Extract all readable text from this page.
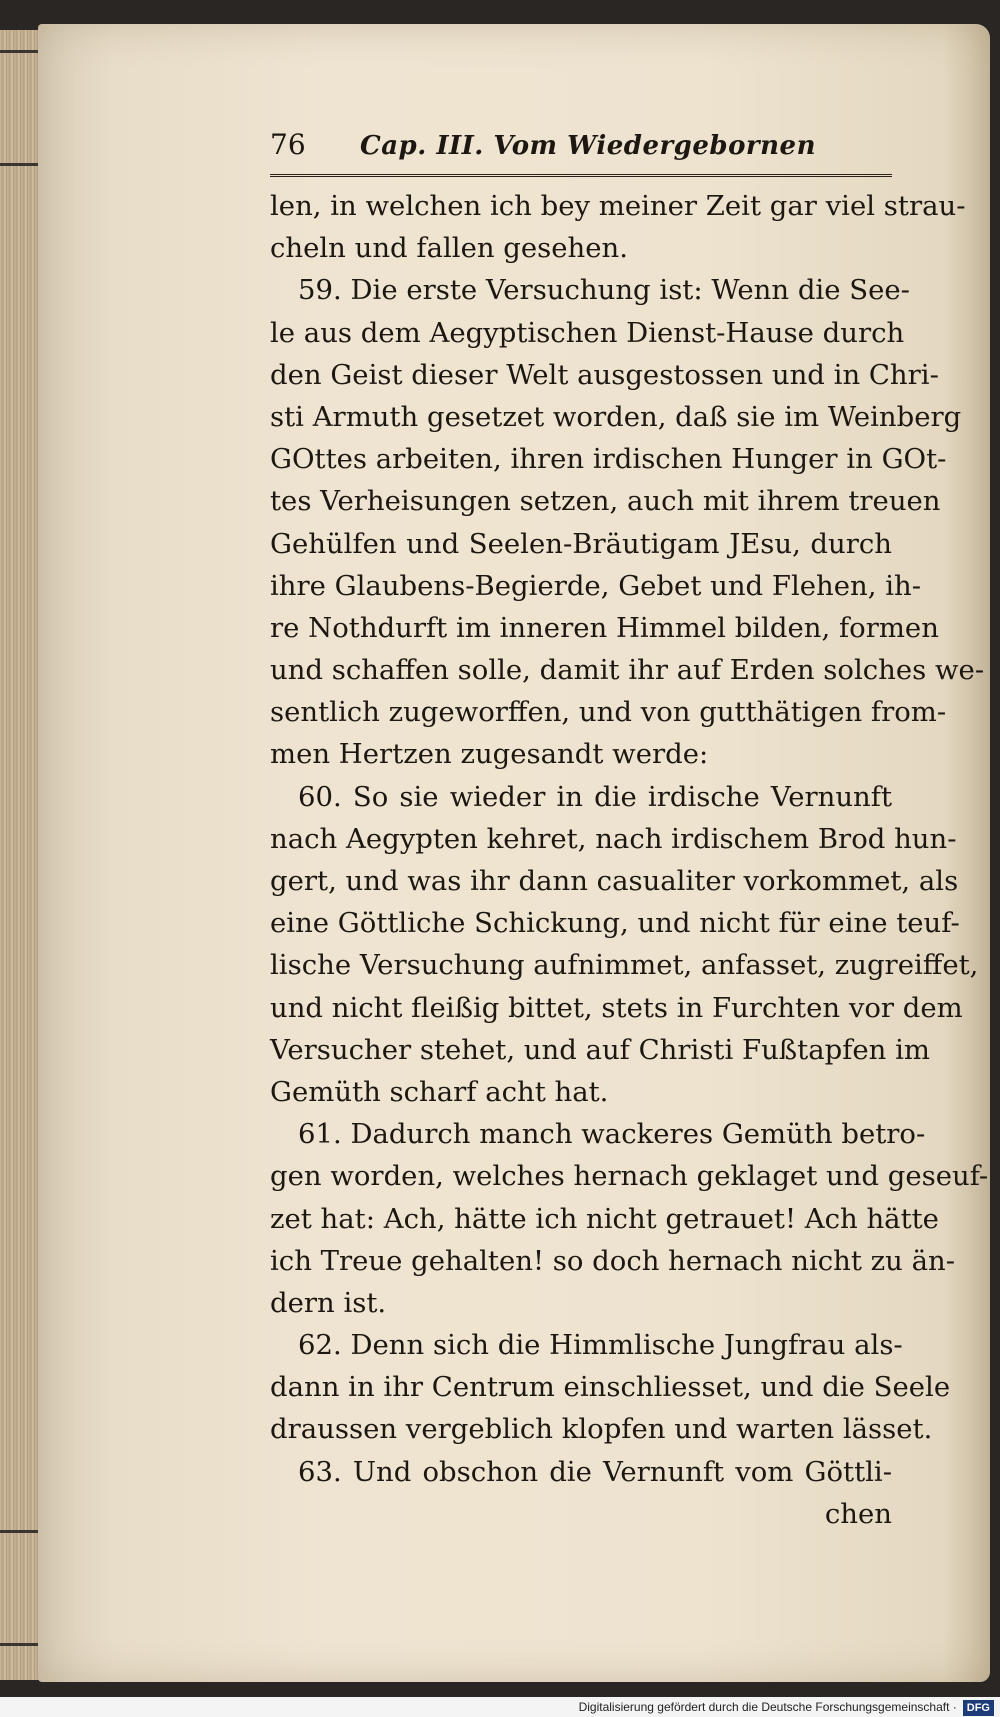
76	Cap. III. Vom Wiedergebornen
len, in welchen ich bey meiner Zeit gar viel strau-
cheln und fallen gesehen.
59. Die erste Versuchung ist: Wenn die See-
le aus dem Aegyptischen Dienst-Hause durch
den Geist dieser Welt ausgestossen und in Chri-
sti Armuth gesetzet worden, daß sie im Weinberg
GOttes arbeiten, ihren irdischen Hunger in GOt-
tes Verheisungen setzen, auch mit ihrem treuen
Gehülfen und Seelen-Bräutigam JEsu, durch
ihre Glaubens-Begierde, Gebet und Flehen, ih-
re Nothdurft im inneren Himmel bilden, formen
und schaffen solle, damit ihr auf Erden solches we-
sentlich zugeworffen, und von gutthätigen from-
men Hertzen zugesandt werde:
60. So sie wieder in die irdische Vernunft
nach Aegypten kehret, nach irdischem Brod hun-
gert, und was ihr dann casualiter vorkommet, als
eine Göttliche Schickung, und nicht für eine teuf-
lische Versuchung aufnimmet, anfasset, zugreiffet,
und nicht fleißig bittet, stets in Furchten vor dem
Versucher stehet, und auf Christi Fußtapfen im
Gemüth scharf acht hat.
61. Dadurch manch wackeres Gemüth betro-
gen worden, welches hernach geklaget und geseuf-
zet hat: Ach, hätte ich nicht getrauet! Ach hätte
ich Treue gehalten! so doch hernach nicht zu än-
dern ist.
62. Denn sich die Himmlische Jungfrau als-
dann in ihr Centrum einschliesset, und die Seele
draussen vergeblich klopfen und warten lässet.
63. Und obschon die Vernunft vom Göttli-
chen
Digitalisierung gefördert durch die Deutsche Forschungsgemeinschaft · DFG
